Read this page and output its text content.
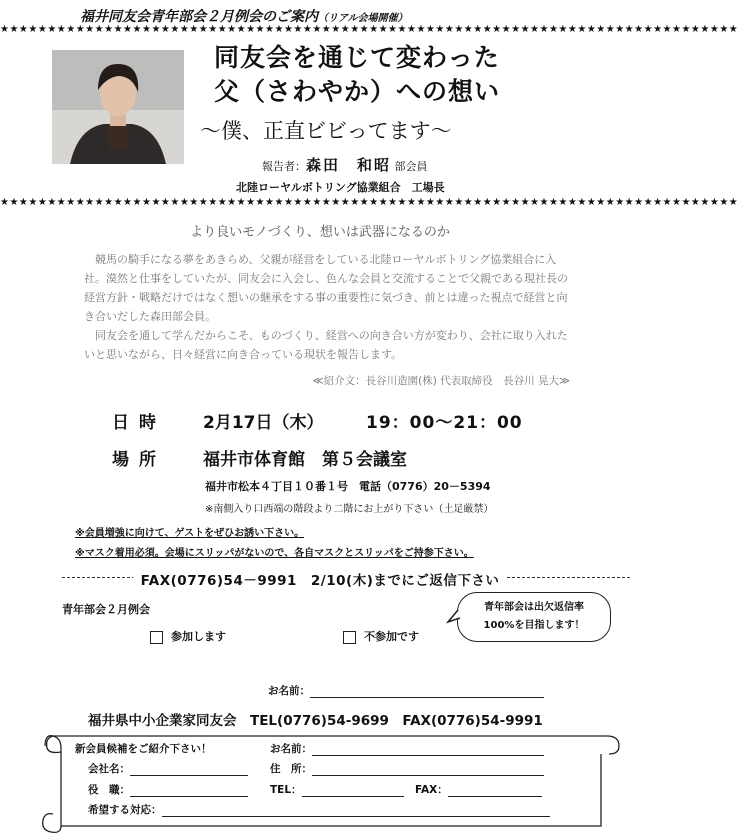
福井同友会青年部会２月例会のご案内（リアル会場開催）
★★★★★★★★★★★★★★★★★★★★★★★★★★★★★★★★★★★★★★★★★★★★★★★★★★★★★★★★★★★★★★★★★★★★★★★★★★★★★★
同友会を通じて変わった
父（さわやか）への想い
～僕、正直ビビってます～
報告者：森田　和昭 部会員
北陸ローヤルボトリング協業組合　工場長
★★★★★★★★★★★★★★★★★★★★★★★★★★★★★★★★★★★★★★★★★★★★★★★★★★★★★★★★★★★★★★★★★★★★★★★★★★★★★★
より良いモノづくり、想いは武器になるのか

競馬の騎手になる夢をあきらめ、父親が経営をしている北陸ローヤルボトリング協業組合に入社。漠然と仕事をしていたが、同友会に入会し、色んな会員と交流することで父親である現社長の経営方針・戦略だけではなく想いの継承をする事の重要性に気づき、前とは違った視点で経営と向き合いだした森田部会員。

同友会を通して学んだからこそ、ものづくり、経営への向き合い方が変わり、会社に取り入れたいと思いながら、日々経営に向き合っている現状を報告します。

≪紹介文：長谷川造園(株) 代表取締役　長谷川 晃大≫
日時 2月17日（木）	19：00～21：00
場所 福井市体育館　第５会議室
福井市松本４丁目１０番１号　電話（0776）20－5394
※南側入り口西端の階段より二階にお上がり下さい（土足厳禁）
※会員増強に向けて、ゲストをぜひお誘い下さい。
※マスク着用必須。会場にスリッパがないので、各自マスクとスリッパをご持参下さい。
FAX(0776)54－9991　2/10(木)までにご返信下さい
青年部会２月例会
参加します	不参加です
青年部会は出欠返信率
100%を目指します！
お名前：
福井県中小企業家同友会　TEL(0776)54-9699　FAX(0776)54-9991
新会員候補をご紹介下さい！
会社名：
役　職：
お名前：
住　所：
TEL：	FAX：
希望する対応：
